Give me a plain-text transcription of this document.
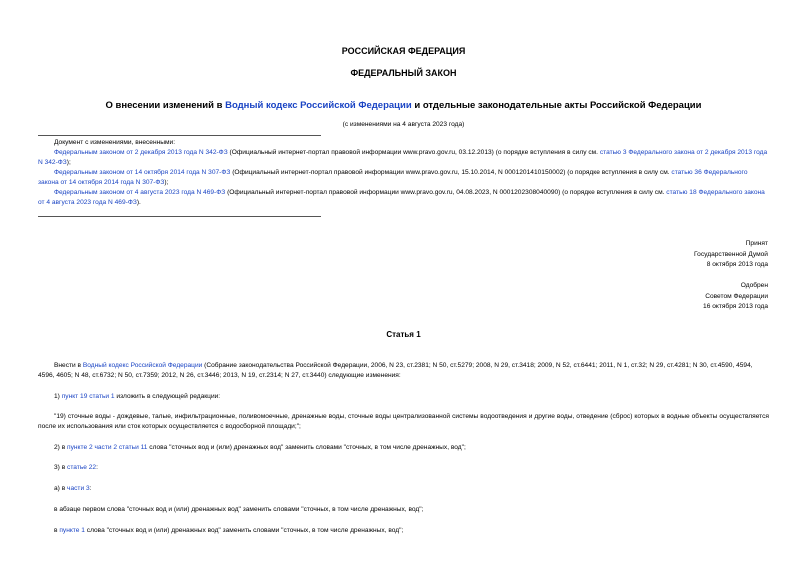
РОССИЙСКАЯ ФЕДЕРАЦИЯ
ФЕДЕРАЛЬНЫЙ ЗАКОН
О внесении изменений в Водный кодекс Российской Федерации и отдельные законодательные акты Российской Федерации
(с изменениями на 4 августа 2023 года)
Документ с изменениями, внесенными:
Федеральным законом от 2 декабря 2013 года N 342-ФЗ (Официальный интернет-портал правовой информации www.pravo.gov.ru, 03.12.2013) (о порядке вступления в силу см. статью 3 Федерального закона от 2 декабря 2013 года N 342-ФЗ);
Федеральным законом от 14 октября 2014 года N 307-ФЗ (Официальный интернет-портал правовой информации www.pravo.gov.ru, 15.10.2014, N 0001201410150002) (о порядке вступления в силу см. статью 36 Федерального закона от 14 октября 2014 года N 307-ФЗ);
Федеральным законом от 4 августа 2023 года N 469-ФЗ (Официальный интернет-портал правовой информации www.pravo.gov.ru, 04.08.2023, N 0001202308040090) (о порядке вступления в силу см. статью 18 Федерального закона от 4 августа 2023 года N 469-ФЗ).
Принят
Государственной Думой
8 октября 2013 года
Одобрен
Советом Федерации
16 октября 2013 года
Статья 1
Внести в Водный кодекс Российской Федерации (Собрание законодательства Российской Федерации, 2006, N 23, ст.2381; N 50, ст.5279; 2008, N 29, ст.3418; 2009, N 52, ст.6441; 2011, N 1, ст.32; N 29, ст.4281; N 30, ст.4590, 4594, 4596, 4605; N 48, ст.6732; N 50, ст.7359; 2012, N 26, ст.3446; 2013, N 19, ст.2314; N 27, ст.3440) следующие изменения:
1) пункт 19 статьи 1 изложить в следующей редакции:
"19) сточные воды - дождевые, талые, инфильтрационные, поливомоечные, дренажные воды, сточные воды централизованной системы водоотведения и другие воды, отведение (сброс) которых в водные объекты осуществляется после их использования или сток которых осуществляется с водосборной площади;";
2) в пункте 2 части 2 статьи 11 слова "сточных вод и (или) дренажных вод" заменить словами "сточных, в том числе дренажных, вод";
3) в статье 22:
а) в части 3:
в абзаце первом слова "сточных вод и (или) дренажных вод" заменить словами "сточных, в том числе дренажных, вод";
в пункте 1 слова "сточных вод и (или) дренажных вод" заменить словами "сточных, в том числе дренажных, вод";
